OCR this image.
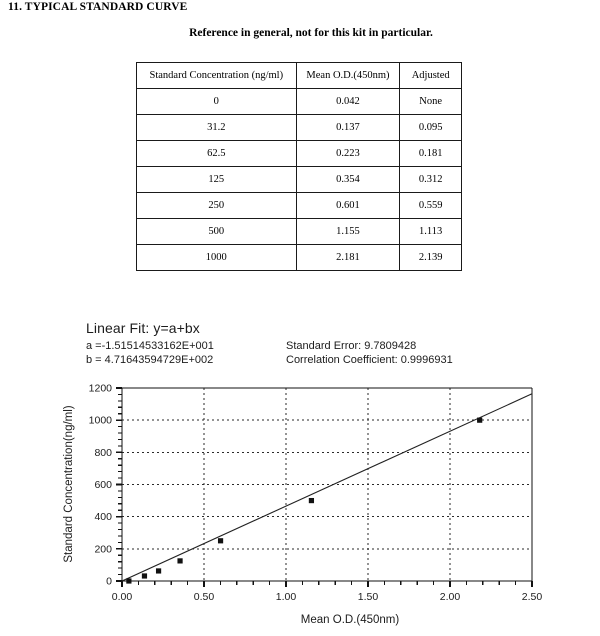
11. TYPICAL STANDARD CURVE
Reference in general, not for this kit in particular.
Standard Concentration (ng/ml)	Mean O.D.(450nm)	Adjusted
0	0.042	None
31.2	0.137	0.095
62.5	0.223	0.181
125	0.354	0.312
250	0.601	0.559
500	1.155	1.113
1000	2.181	2.139
Linear Fit: y=a+bx
a =-1.51514533162E+001	Standard Error: 9.7809428
b = 4.71643594729E+002	Correlation Coefficient: 0.9996931
0
200
400
600
800
1000
1200
0.00	0.50	1.00	1.50	2.00	2.50
Mean O.D.(450nm)
Standard Concentration(ng/ml)
